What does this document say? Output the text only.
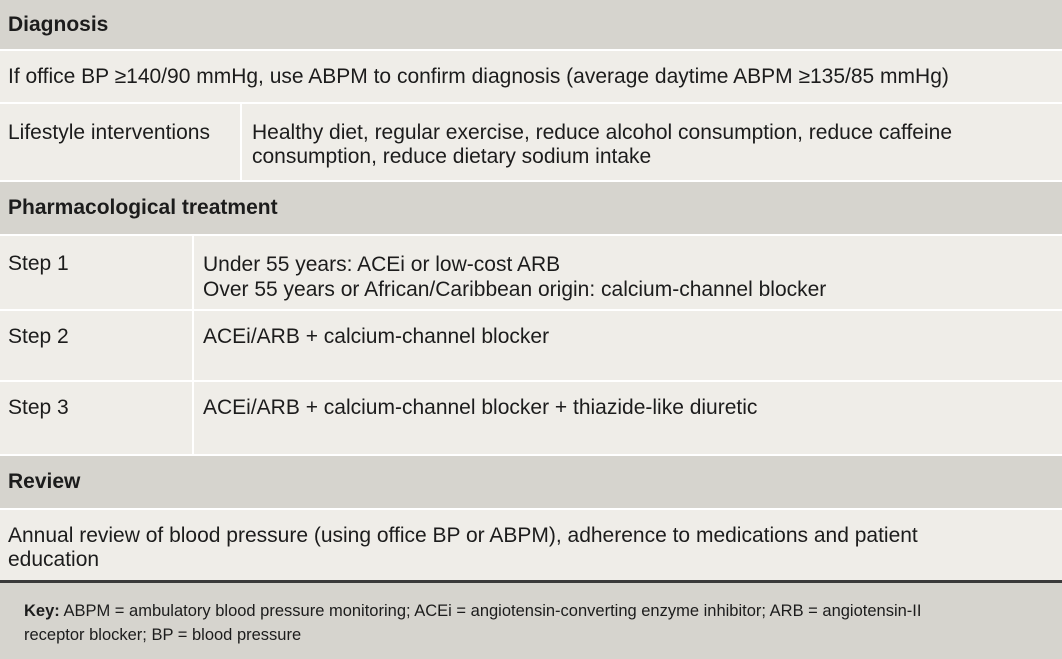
Diagnosis
If office BP ≥140/90 mmHg, use ABPM to confirm diagnosis (average daytime ABPM ≥135/85 mmHg)
Lifestyle interventions	Healthy diet, regular exercise, reduce alcohol consumption, reduce caffeine
consumption, reduce dietary sodium intake
Pharmacological treatment
Step 1	Under 55 years: ACEi or low-cost ARB
Over 55 years or African/Caribbean origin: calcium-channel blocker
Step 2	ACEi/ARB + calcium-channel blocker
Step 3	ACEi/ARB + calcium-channel blocker + thiazide-like diuretic
Review
Annual review of blood pressure (using office BP or ABPM), adherence to medications and patient
education
Key: ABPM = ambulatory blood pressure monitoring; ACEi = angiotensin-converting enzyme inhibitor; ARB = angiotensin-II
receptor blocker; BP = blood pressure
